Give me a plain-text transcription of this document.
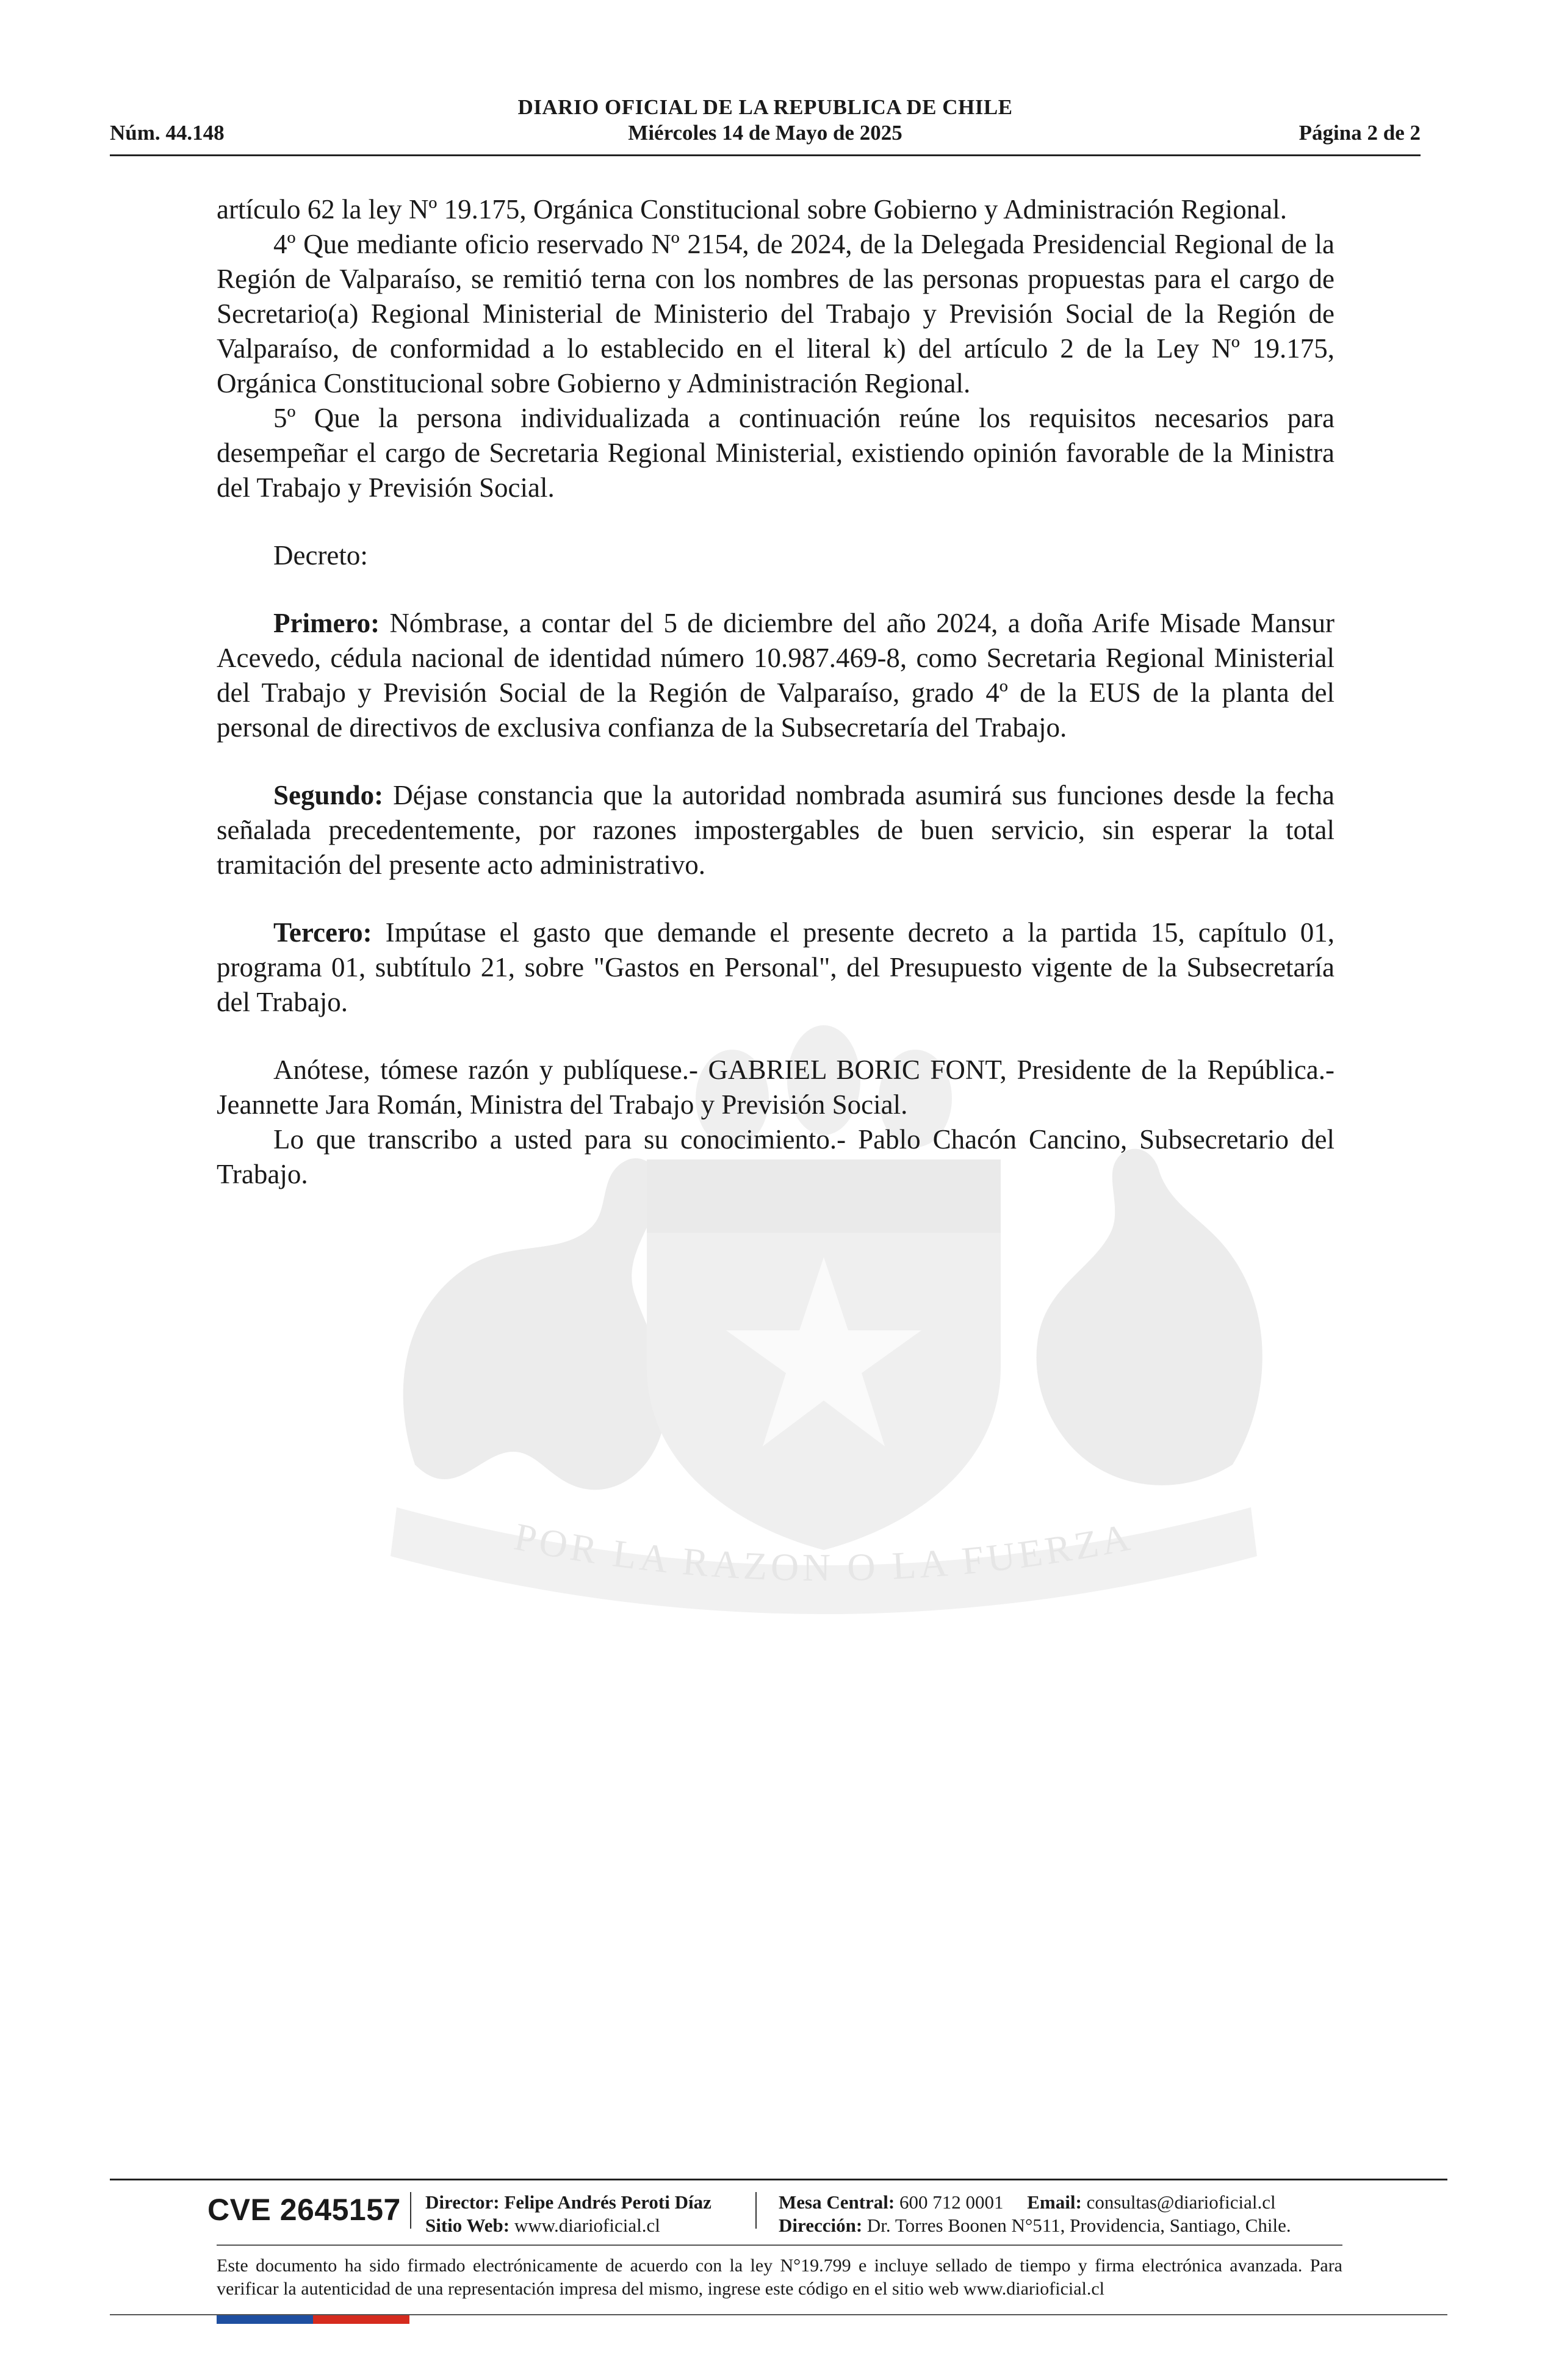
DIARIO OFICIAL DE LA REPUBLICA DE CHILE
Núm. 44.148	Miércoles 14 de Mayo de 2025	Página 2 de 2
POR LA RAZON O LA FUERZA

artículo 62 la ley Nº 19.175, Orgánica Constitucional sobre Gobierno y Administración Regional.

4º Que mediante oficio reservado Nº 2154, de 2024, de la Delegada Presidencial Regional de la Región de Valparaíso, se remitió terna con los nombres de las personas propuestas para el cargo de Secretario(a) Regional Ministerial de Ministerio del Trabajo y Previsión Social de la Región de Valparaíso, de conformidad a lo establecido en el literal k) del artículo 2 de la Ley Nº 19.175, Orgánica Constitucional sobre Gobierno y Administración Regional.

5º Que la persona individualizada a continuación reúne los requisitos necesarios para desempeñar el cargo de Secretaria Regional Ministerial, existiendo opinión favorable de la Ministra del Trabajo y Previsión Social.

Decreto:

Primero: Nómbrase, a contar del 5 de diciembre del año 2024, a doña Arife Misade Mansur Acevedo, cédula nacional de identidad número 10.987.469-8, como Secretaria Regional Ministerial del Trabajo y Previsión Social de la Región de Valparaíso, grado 4º de la EUS de la planta del personal de directivos de exclusiva confianza de la Subsecretaría del Trabajo.

Segundo: Déjase constancia que la autoridad nombrada asumirá sus funciones desde la fecha señalada precedentemente, por razones impostergables de buen servicio, sin esperar la total tramitación del presente acto administrativo.

Tercero: Impútase el gasto que demande el presente decreto a la partida 15, capítulo 01, programa 01, subtítulo 21, sobre "Gastos en Personal", del Presupuesto vigente de la Subsecretaría del Trabajo.

Anótese, tómese razón y publíquese.- GABRIEL BORIC FONT, Presidente de la República.- Jeannette Jara Román, Ministra del Trabajo y Previsión Social.

Lo que transcribo a usted para su conocimiento.- Pablo Chacón Cancino, Subsecretario del Trabajo.

CVE 2645157 Director: Felipe Andrés Peroti Díaz
Sitio Web: www.diarioficial.cl
Mesa Central: 600 712 0001 Email: consultas@diarioficial.cl
Dirección: Dr. Torres Boonen N°511, Providencia, Santiago, Chile.
Este documento ha sido firmado electrónicamente de acuerdo con la ley N°19.799 e incluye sellado de tiempo y firma electrónica avanzada. Para verificar la autenticidad de una representación impresa del mismo, ingrese este código en el sitio web www.diarioficial.cl
